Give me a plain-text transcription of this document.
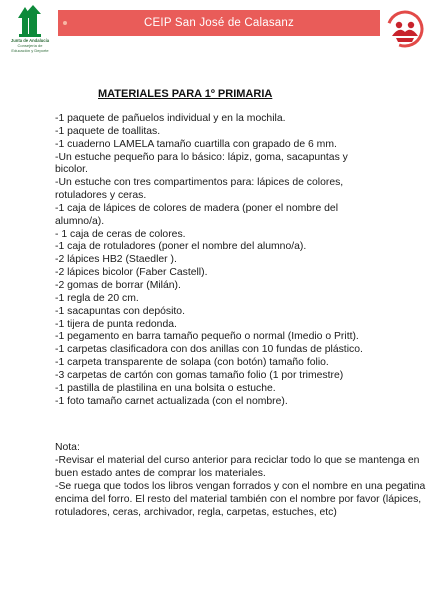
Junta de Andalucía
Consejería de Educación y Deporte
CEIP San José de Calasanz
MATERIALES PARA 1º PRIMARIA
-1 paquete de pañuelos individual y en la mochila.
-1 paquete de toallitas.
-1 cuaderno LAMELA tamaño cuartilla con grapado de 6 mm.
-Un estuche pequeño para lo básico: lápiz, goma, sacapuntas y bicolor.
-Un estuche con tres compartimentos para: lápices de colores, rotuladores y ceras.
-1 caja de lápices de colores de madera (poner el nombre del alumno/a).
- 1 caja de ceras de colores.
-1 caja de rotuladores (poner el nombre del alumno/a).
-2 lápices HB2 (Staedler ).
-2 lápices bicolor (Faber Castell).
-2 gomas de borrar (Milán).
-1 regla de 20 cm.
-1 sacapuntas con depósito.
-1 tijera de punta redonda.
-1 pegamento en barra tamaño pequeño o normal (Imedio o Pritt).
-1 carpetas clasificadora con dos anillas con 10 fundas de plástico.
-1 carpeta transparente de solapa (con botón) tamaño folio.
-3 carpetas de cartón con gomas tamaño folio (1 por trimestre)
-1 pastilla de plastilina en una bolsita o estuche.
-1 foto tamaño carnet actualizada (con el nombre).
Nota:
-Revisar el material del curso anterior para reciclar todo lo que se mantenga en buen estado antes de comprar los materiales.
-Se ruega que todos los libros vengan forrados y con el nombre en una pegatina encima del forro. El resto del material también con el nombre por favor (lápices, rotuladores, ceras, archivador, regla, carpetas, estuches, etc)
